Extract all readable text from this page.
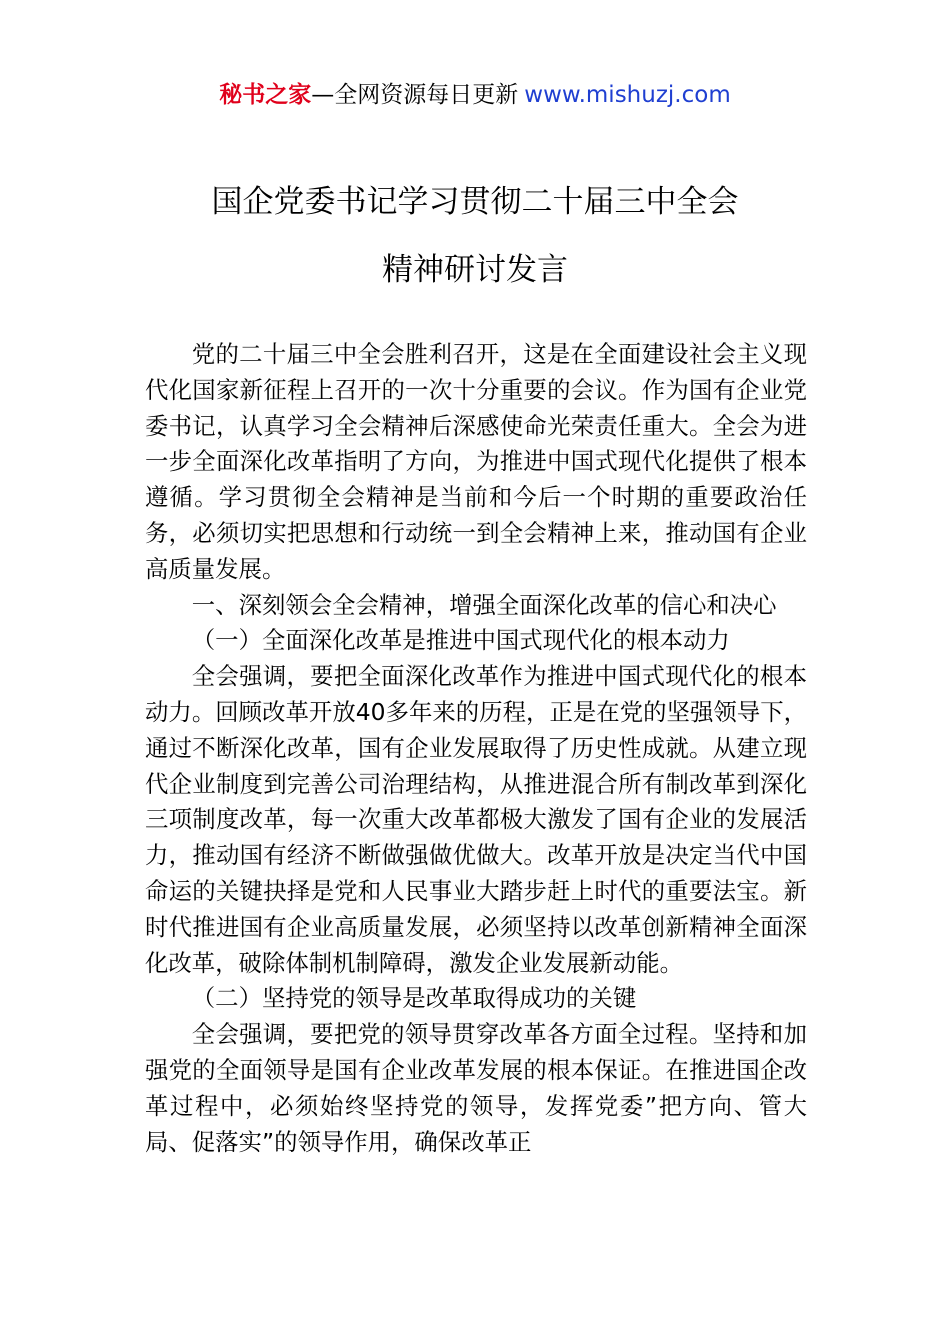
秘书之家—全网资源每日更新 www.mishuzj.com
国企党委书记学习贯彻二十届三中全会
精神研讨发言

党的二十届三中全会胜利召开，这是在全面建设社会主义现代化国家新征程上召开的一次十分重要的会议。作为国有企业党委书记，认真学习全会精神后深感使命光荣责任重大。全会为进一步全面深化改革指明了方向，为推进中国式现代化提供了根本遵循。学习贯彻全会精神是当前和今后一个时期的重要政治任务，必须切实把思想和行动统一到全会精神上来，推动国有企业高质量发展。

一、深刻领会全会精神，增强全面深化改革的信心和决心

（一）全面深化改革是推进中国式现代化的根本动力

全会强调，要把全面深化改革作为推进中国式现代化的根本动力。回顾改革开放40多年来的历程，正是在党的坚强领导下，通过不断深化改革，国有企业发展取得了历史性成就。从建立现代企业制度到完善公司治理结构，从推进混合所有制改革到深化三项制度改革，每一次重大改革都极大激发了国有企业的发展活力，推动国有经济不断做强做优做大。改革开放是决定当代中国命运的关键抉择是党和人民事业大踏步赶上时代的重要法宝。新时代推进国有企业高质量发展，必须坚持以改革创新精神全面深化改革，破除体制机制障碍，激发企业发展新动能。

（二）坚持党的领导是改革取得成功的关键

全会强调，要把党的领导贯穿改革各方面全过程。坚持和加强党的全面领导是国有企业改革发展的根本保证。在推进国企改革过程中，必须始终坚持党的领导，发挥党委”把方向、管大局、促落实”的领导作用，确保改革正
